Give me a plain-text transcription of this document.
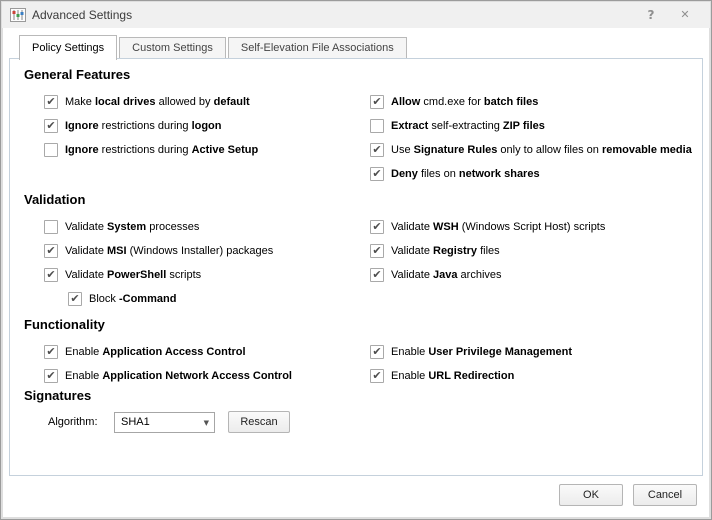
Advanced Settings	?	✕
Policy Settings	Custom Settings	Self-Elevation File Associations
General Features
✔ Make local drives allowed by default
✔ Ignore restrictions during logon
Ignore restrictions during Active Setup
✔ Allow cmd.exe for batch files
Extract self-extracting ZIP files
✔ Use Signature Rules only to allow files on removable media
✔ Deny files on network shares
Validation
Validate System processes
✔ Validate MSI (Windows Installer) packages
✔ Validate PowerShell scripts
✔ Block -Command
✔ Validate WSH (Windows Script Host) scripts
✔ Validate Registry files
✔ Validate Java archives
Functionality
✔ Enable Application Access Control
✔ Enable Application Network Access Control
✔ Enable User Privilege Management
✔ Enable URL Redirection
Signatures
Algorithm:	SHA1	▼	Rescan
OK	Cancel
